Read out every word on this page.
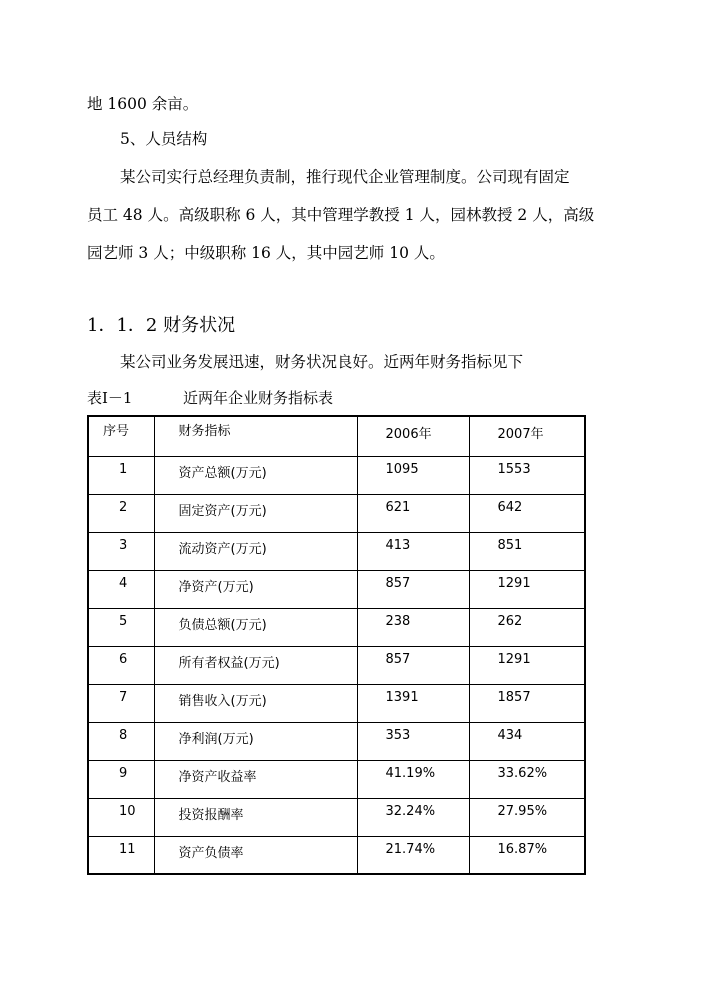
地 1600 余亩。
5、人员结构
某公司实行总经理负责制，推行现代企业管理制度。公司现有固定
员工 48 人。高级职称 6 人，其中管理学教授 1 人，园林教授 2 人，高级
园艺师 3 人；中级职称 16 人，其中园艺师 10 人。
1．1．2 财务状况
某公司业务发展迅速，财务状况良好。近两年财务指标见下
表Ⅰ－1	近两年企业财务指标表
序号	财务指标	2006年	2007年
1	资产总额(万元)	1095	1553
2	固定资产(万元)	621	642
3	流动资产(万元)	413	851
4	净资产(万元)	857	1291
5	负债总额(万元)	238	262
6	所有者权益(万元)	857	1291
7	销售收入(万元)	1391	1857
8	净利润(万元)	353	434
9	净资产收益率	41.19%	33.62%
10	投资报酬率	32.24%	27.95%
11	资产负债率	21.74%	16.87%
